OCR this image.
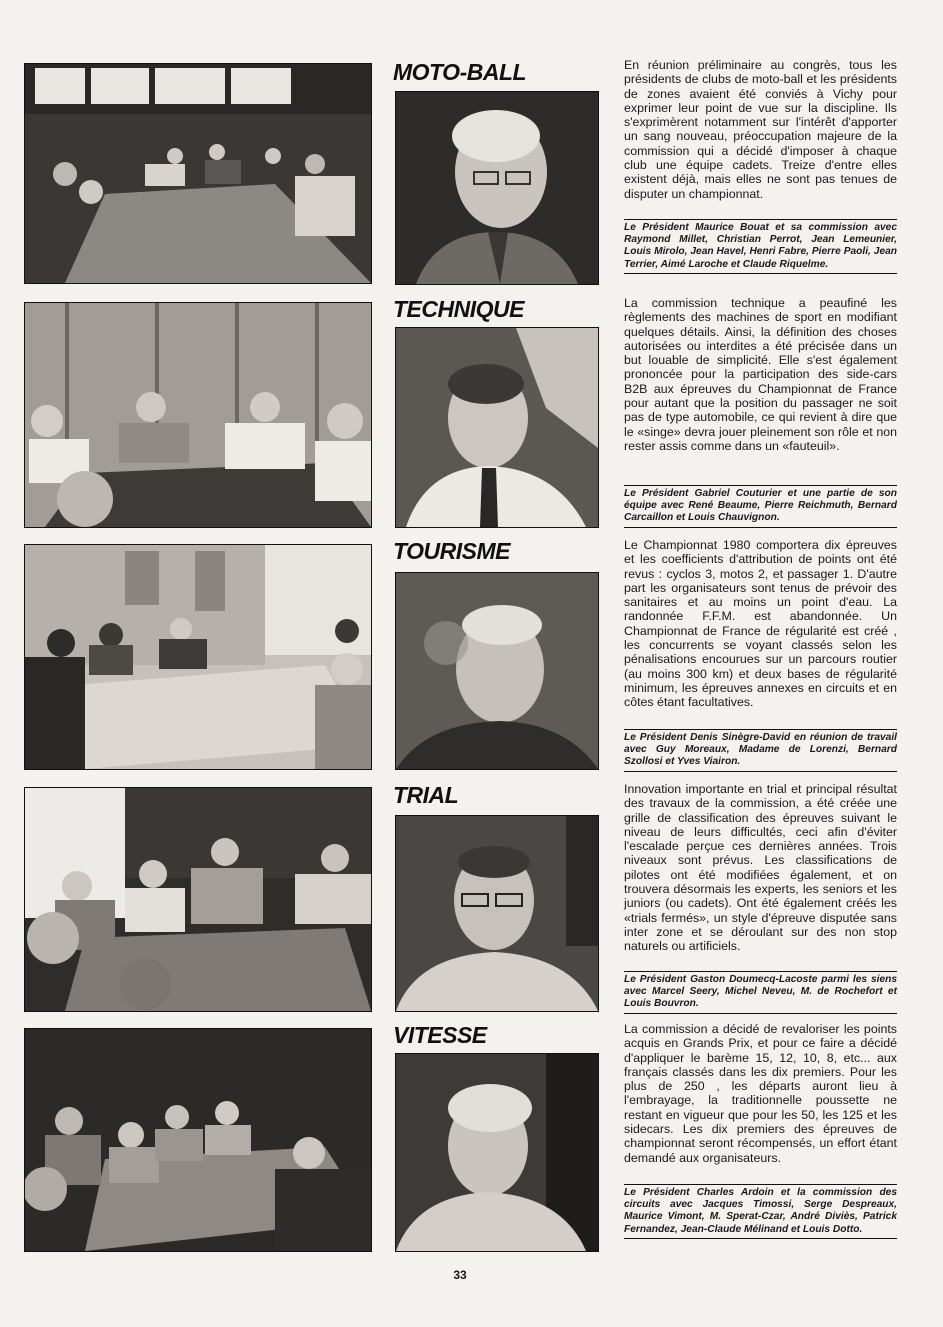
MOTO-BALL	En réunion préliminaire au congrès, tous les présidents de clubs de moto-ball et les présidents de zones avaient été conviés à Vichy pour exprimer leur point de vue sur la discipline. Ils s'exprimèrent notamment sur l'intérêt d'apporter un sang nouveau, préoccupation majeure de la commission qui a décidé d'imposer à chaque club une équipe cadets. Treize d'entre elles existent déjà, mais elles ne sont pas tenues de disputer un championnat.

Le Président Maurice Bouat et sa commission avec Raymond Millet, Christian Perrot, Jean Lemeunier, Louis Mirolo, Jean Havel, Henri Fabre, Pierre Paoli, Jean Terrier, Aimé Laroche et Claude Riquelme.

TECHNIQUE	La commission technique a peaufiné les règlements des machines de sport en modifiant quelques détails. Ainsi, la définition des choses autorisées ou interdites a été précisée dans un but louable de simplicité. Elle s'est également prononcée pour la participation des side-cars B2B aux épreuves du Championnat de France pour autant que la position du passager ne soit pas de type automobile, ce qui revient à dire que le «singe» devra jouer pleinement son rôle et non rester assis comme dans un «fauteuil».

Le Président Gabriel Couturier et une partie de son équipe avec René Beaume, Pierre Reichmuth, Bernard Carcaillon et Louis Chauvignon.

TOURISME	Le Championnat 1980 comportera dix épreuves et les coefficients d'attribution de points ont été revus : cyclos 3, motos 2, et passager 1. D'autre part les organisateurs sont tenus de prévoir des sanitaires et au moins un point d'eau. La randonnée F.F.M. est abandonnée. Un Championnat de France de régularité est créé , les concurrents se voyant classés selon les pénalisations encourues sur un parcours routier (au moins 300 km) et deux bases de régularité minimum, les épreuves annexes en circuits et en côtes étant facultatives.

Le Président Denis Sinègre-David en réunion de travail avec Guy Moreaux, Madame de Lorenzi, Bernard Szollosi et Yves Viairon.

TRIAL	Innovation importante en trial et principal résultat des travaux de la commission, a été créée une grille de classification des épreuves suivant le niveau de leurs difficultés, ceci afin d'éviter l'escalade perçue ces dernières années. Trois niveaux sont prévus. Les classifications de pilotes ont été modifiées également, et on trouvera désormais les experts, les seniors et les juniors (ou cadets). Ont été également créés les «trials fermés», un style d'épreuve disputée sans inter zone et se déroulant sur des non stop naturels ou artificiels.

Le Président Gaston Doumecq-Lacoste parmi les siens avec Marcel Seery, Michel Neveu, M. de Rochefort et Louis Bouvron.

VITESSE	La commission a décidé de revaloriser les points acquis en Grands Prix, et pour ce faire a décidé d'appliquer le barème 15, 12, 10, 8, etc... aux français classés dans les dix premiers. Pour les plus de 250 , les départs auront lieu à l'embrayage, la traditionnelle poussette ne restant en vigueur que pour les 50, les 125 et les sidecars. Les dix premiers des épreuves de championnat seront récompensés, un effort étant demandé aux organisateurs.

Le Président Charles Ardoin et la commission des circuits avec Jacques Timossi, Serge Despreaux, Maurice Vimont, M. Sperat-Czar, André Diviès, Patrick Fernandez, Jean-Claude Mélinand et Louis Dotto.

33
